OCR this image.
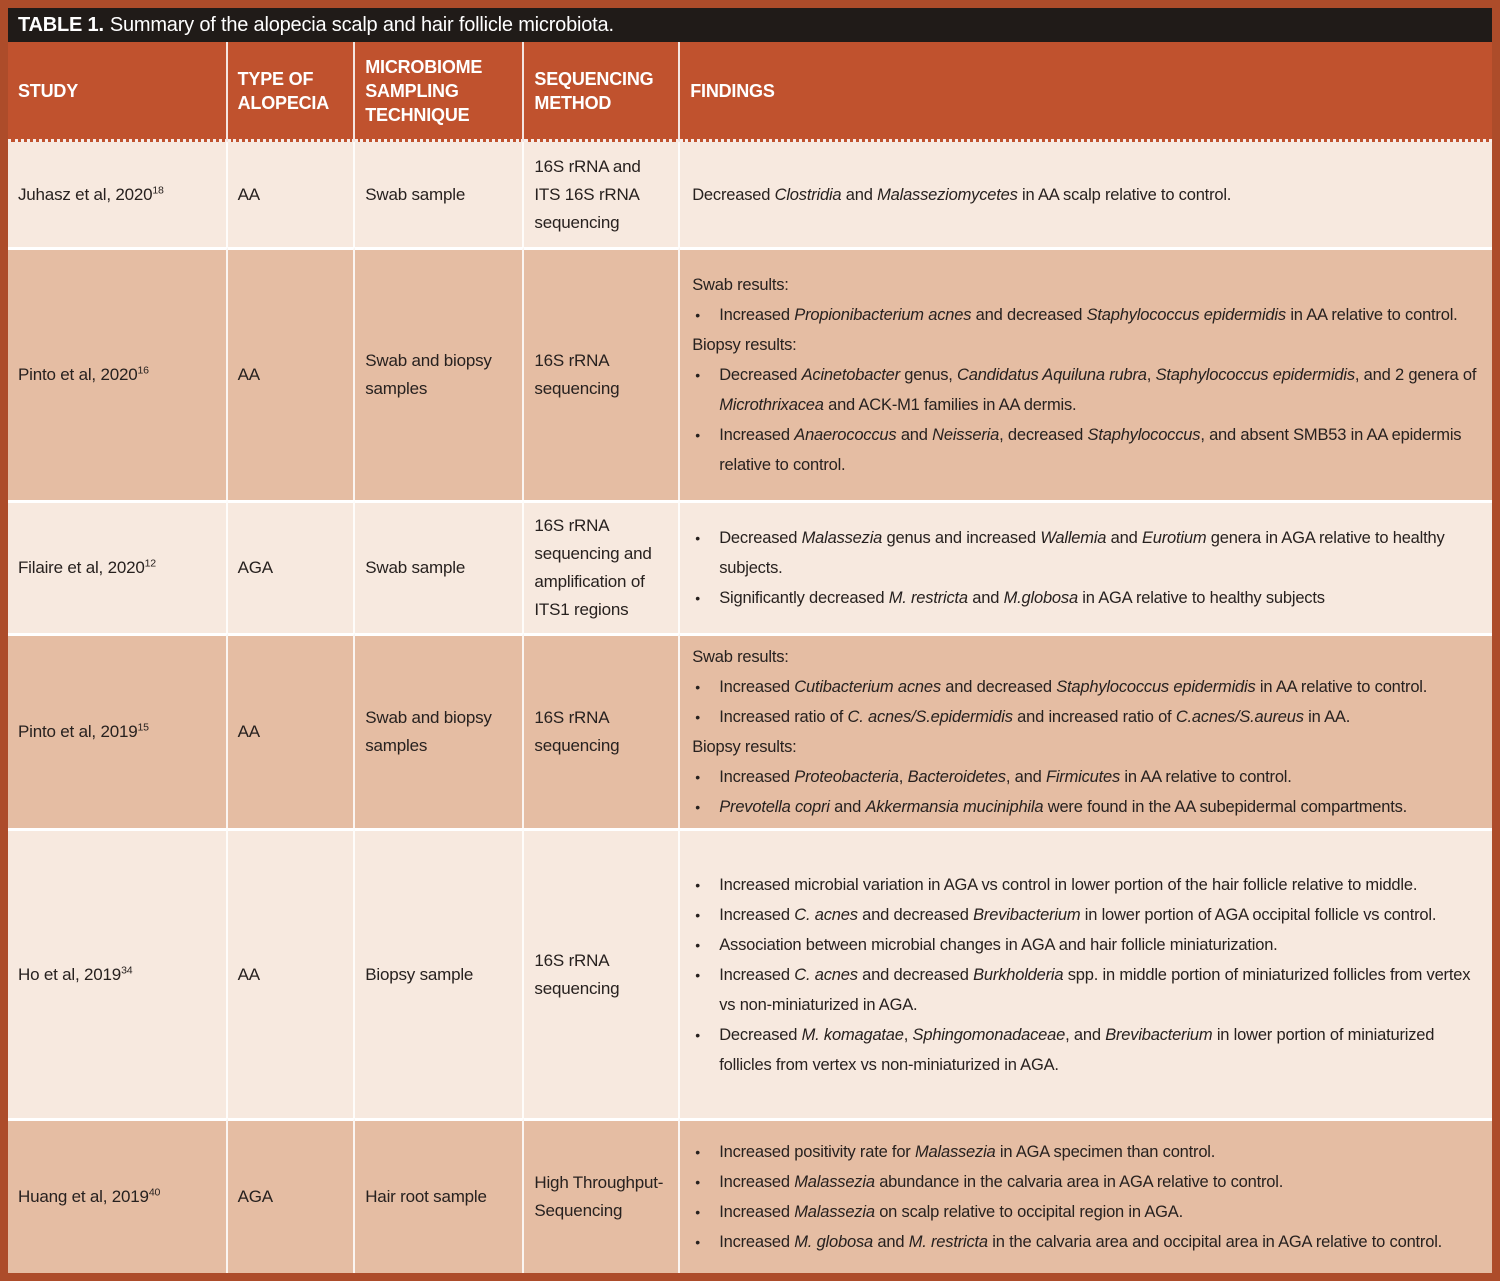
TABLE 1. Summary of the alopecia scalp and hair follicle microbiota.
STUDY	TYPE OF ALOPECIA	MICROBIOME SAMPLING TECHNIQUE	SEQUENCING METHOD	FINDINGS
Juhasz et al, 2020$^{18}$	AA	Swab sample	16S rRNA and ITS 16S rRNA sequencing	Decreased Clostridia and Malasseziomycetes in AA scalp relative to control.

Pinto et al, 2020$^{16}$	AA	Swab and biopsy samples	16S rRNA sequencing	
Swab results:
•	Increased Propionibacterium acnes and decreased Staphylococcus epidermidis in AA relative to control.
Biopsy results:
•	Decreased Acinetobacter genus, Candidatus Aquiluna rubra, Staphylococcus epidermidis, and 2 genera of Microthrixacea and ACK-M1 families in AA dermis.
•	Increased Anaerococcus and Neisseria, decreased Staphylococcus, and absent SMB53 in AA epidermis relative to control.

Filaire et al, 2020$^{12}$	AGA	Swab sample	16S rRNA sequencing and amplification of ITS1 regions	• Decreased Malassezia genus and increased Wallemia and Eurotium genera in AGA relative to healthy subjects.
• Significantly decreased M. restricta and M.globosa in AGA relative to healthy subjects

Pinto et al, 2019$^{15}$	AA	Swab and biopsy samples	16S rRNA sequencing	
Swab results:
•	Increased Cutibacterium acnes and decreased Staphylococcus epidermidis in AA relative to control.
•	Increased ratio of C. acnes/S.epidermidis and increased ratio of C.acnes/S.aureus in AA.
Biopsy results:
•	Increased Proteobacteria, Bacteroidetes, and Firmicutes in AA relative to control.
•	Prevotella copri and Akkermansia muciniphila were found in the AA subepidermal compartments.

Ho et al, 2019$^{34}$	AA	Biopsy sample	16S rRNA sequencing	
•	Increased microbial variation in AGA vs control in lower portion of the hair follicle relative to middle.
•	Increased C. acnes and decreased Brevibacterium in lower portion of AGA occipital follicle vs control.
•	Association between microbial changes in AGA and hair follicle miniaturization.
•	Increased C. acnes and decreased Burkholderia spp. in middle portion of miniaturized follicles from vertex vs non-miniaturized in AGA.
•	Decreased M. komagatae, Sphingomonadaceae, and Brevibacterium in lower portion of miniaturized follicles from vertex vs non-miniaturized in AGA.

Huang et al, 2019$^{40}$	AGA	Hair root sample	High Throughput-Sequencing	
•	Increased positivity rate for Malassezia in AGA specimen than control.
•	Increased Malassezia abundance in the calvaria area in AGA relative to control.
•	Increased Malassezia on scalp relative to occipital region in AGA.
•	Increased M. globosa and M. restricta in the calvaria area and occipital area in AGA relative to control.
